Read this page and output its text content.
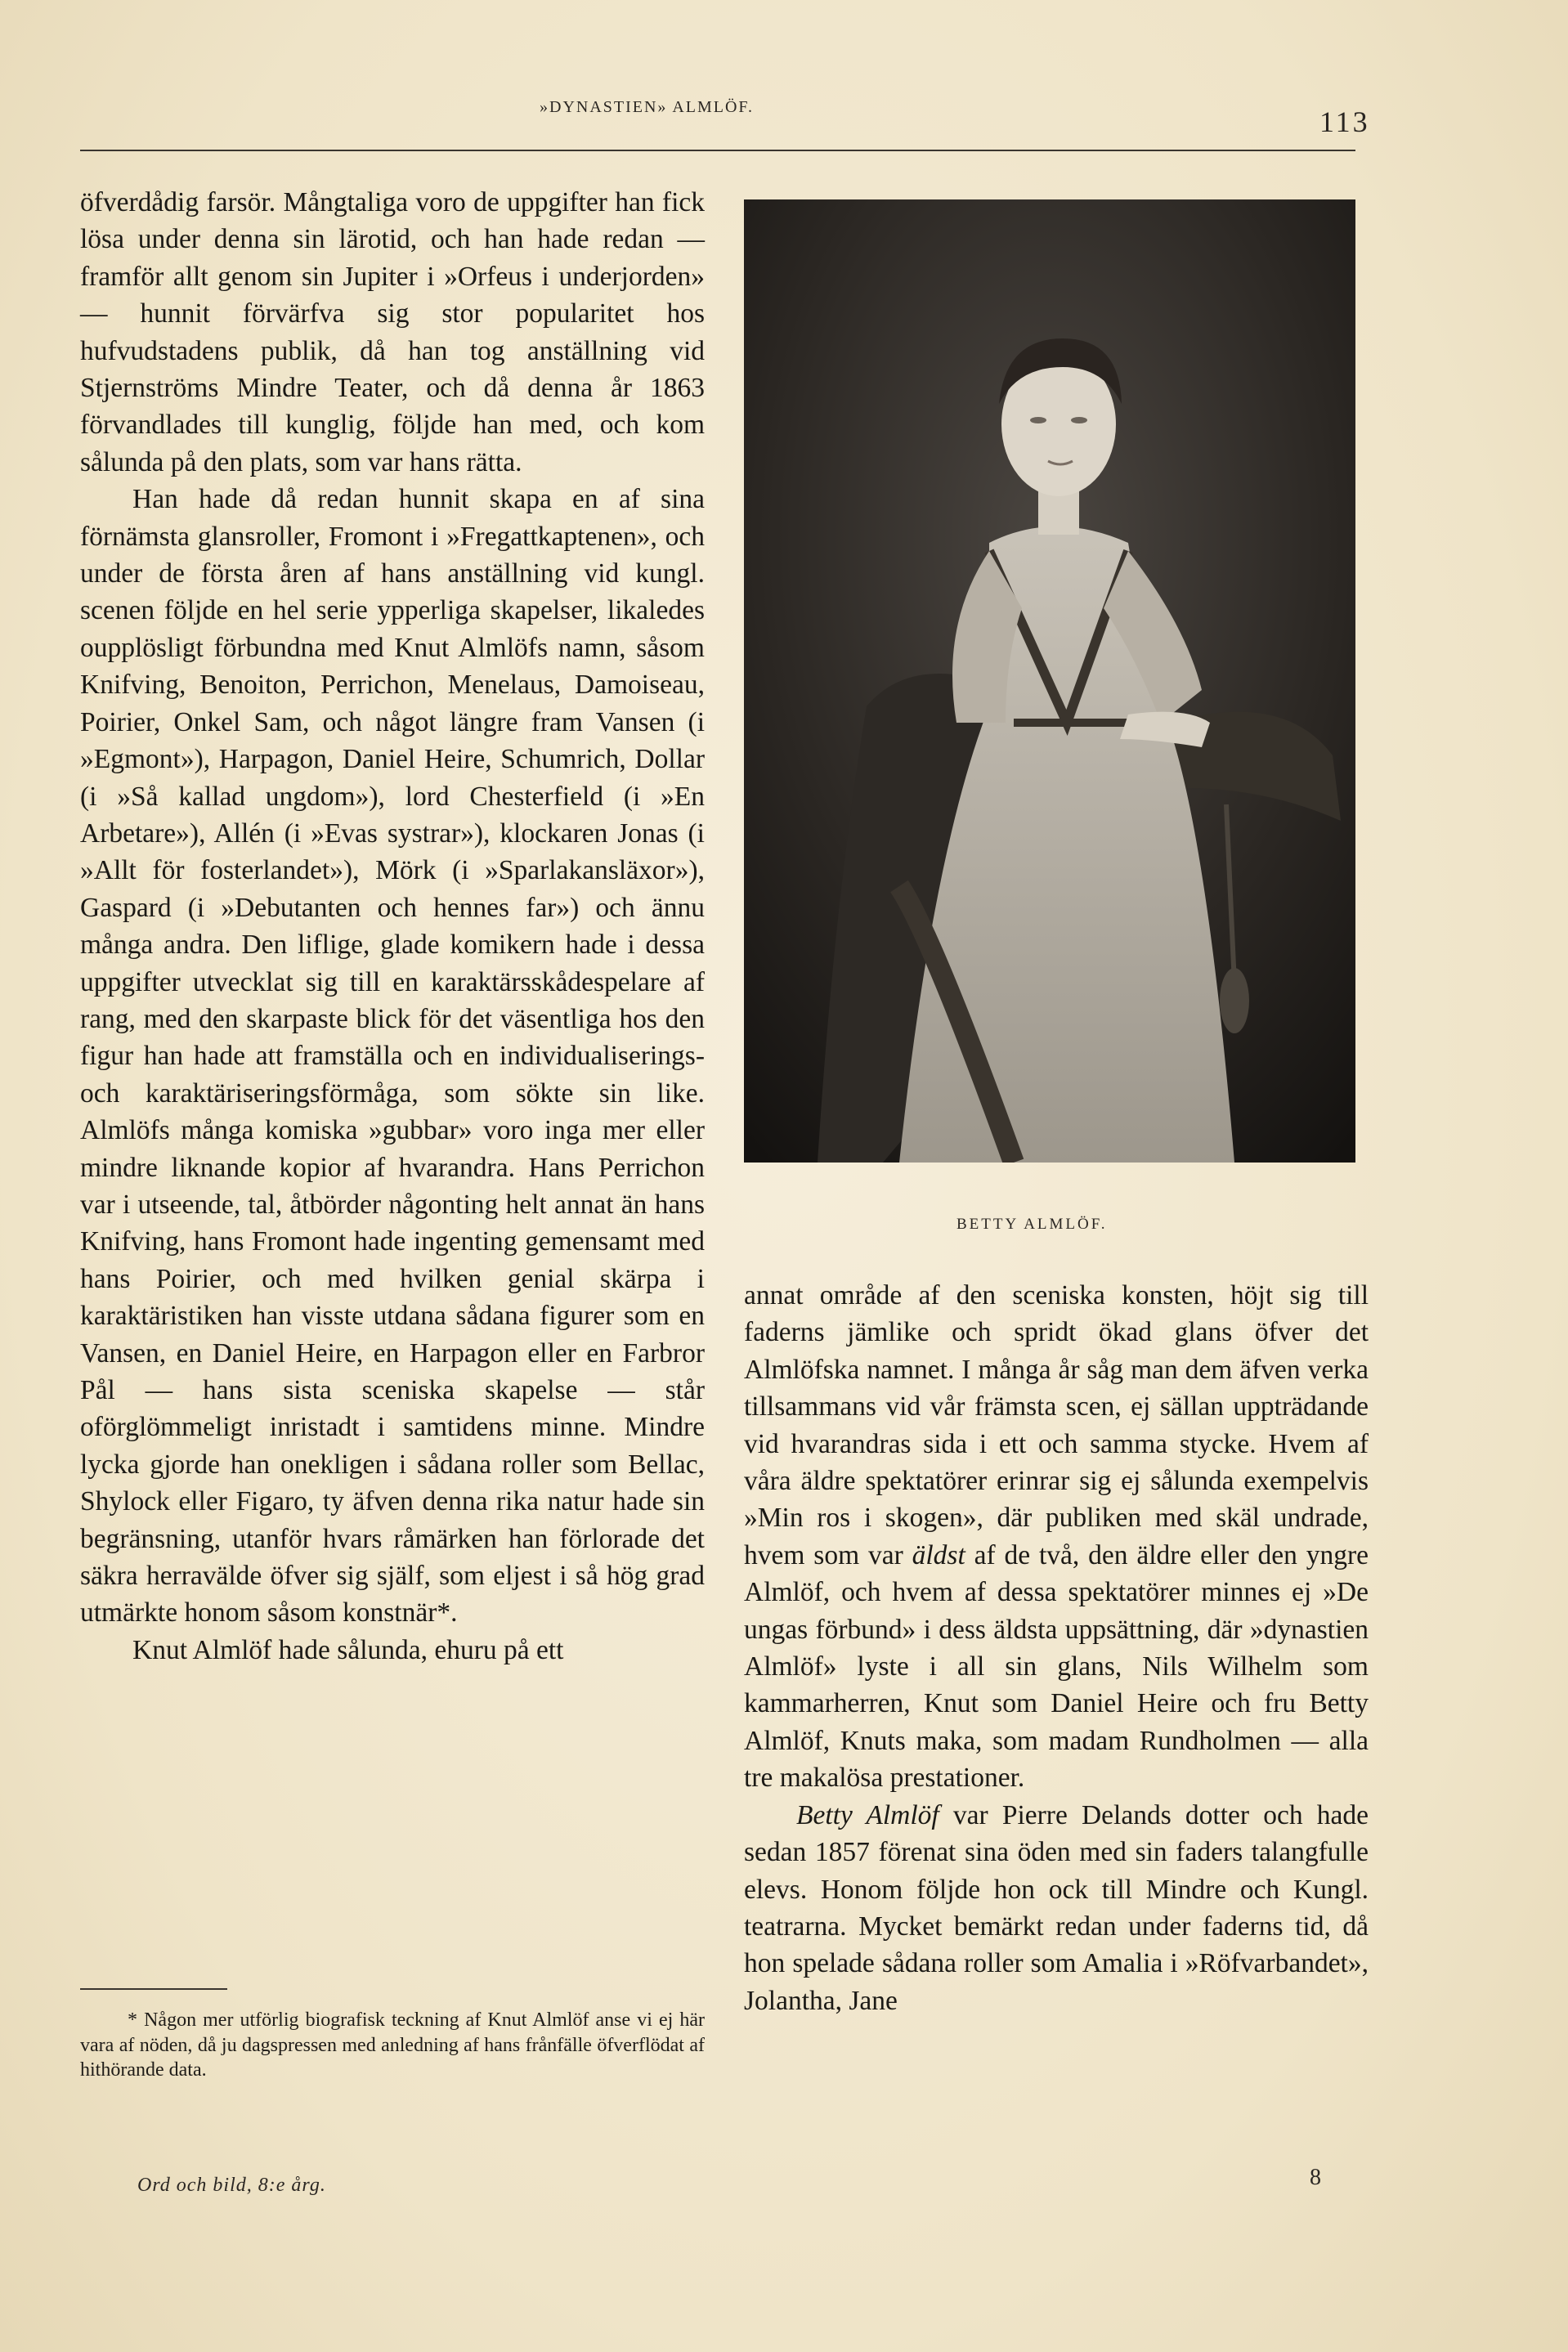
»DYNASTIEN» ALMLÖF.	113

öfverdådig farsör. Mångtaliga voro de uppgifter han fick lösa under denna sin lärotid, och han hade redan — framför allt genom sin Jupiter i »Orfeus i underjorden» — hunnit förvärfva sig stor popularitet hos hufvudstadens publik, då han tog anställning vid Stjernströms Mindre Teater, och då denna år 1863 förvandlades till kunglig, följde han med, och kom sålunda på den plats, som var hans rätta.

Han hade då redan hunnit skapa en af sina förnämsta glansroller, Fromont i »Fregattkaptenen», och under de första åren af hans anställning vid kungl. scenen följde en hel serie ypperliga skapelser, likaledes oupplösligt förbundna med Knut Almlöfs namn, såsom Knifving, Benoiton, Perrichon, Menelaus, Damoiseau, Poirier, Onkel Sam, och något längre fram Vansen (i »Egmont»), Harpagon, Daniel Heire, Schumrich, Dollar (i »Så kallad ungdom»), lord Chesterfield (i »En Arbetare»), Allén (i »Evas systrar»), klockaren Jonas (i »Allt för fosterlandet»), Mörk (i »Sparlakansläxor»), Gaspard (i »Debutanten och hennes far») och ännu många andra. Den liflige, glade komikern hade i dessa uppgifter utvecklat sig till en karaktärsskådespelare af rang, med den skarpaste blick för det väsentliga hos den figur han hade att framställa och en individualiserings- och karaktäriseringsförmåga, som sökte sin like. Almlöfs många komiska »gubbar» voro inga mer eller mindre liknande kopior af hvarandra. Hans Perrichon var i utseende, tal, åtbörder någonting helt annat än hans Knifving, hans Fromont hade ingenting gemensamt med hans Poirier, och med hvilken genial skärpa i karaktäristiken han visste utdana sådana figurer som en Vansen, en Daniel Heire, en Harpagon eller en Farbror Pål — hans sista sceniska skapelse — står oförglömmeligt inristadt i samtidens minne. Mindre lycka gjorde han onekligen i sådana roller som Bellac, Shylock eller Figaro, ty äfven denna rika natur hade sin begränsning, utanför hvars råmärken han förlorade det säkra herravälde öfver sig själf, som eljest i så hög grad utmärkte honom såsom konstnär*.

Knut Almlöf hade sålunda, ehuru på ett

BETTY ALMLÖF.

annat område af den sceniska konsten, höjt sig till faderns jämlike och spridt ökad glans öfver det Almlöfska namnet. I många år såg man dem äfven verka tillsammans vid vår främsta scen, ej sällan uppträdande vid hvarandras sida i ett och samma stycke. Hvem af våra äldre spektatörer erinrar sig ej sålunda exempelvis »Min ros i skogen», där publiken med skäl undrade, hvem som var äldst af de två, den äldre eller den yngre Almlöf, och hvem af dessa spektatörer minnes ej »De ungas förbund» i dess äldsta uppsättning, där »dynastien Almlöf» lyste i all sin glans, Nils Wilhelm som kammarherren, Knut som Daniel Heire och fru Betty Almlöf, Knuts maka, som madam Rundholmen — alla tre makalösa prestationer.

Betty Almlöf var Pierre Delands dotter och hade sedan 1857 förenat sina öden med sin faders talangfulle elevs. Honom följde hon ock till Mindre och Kungl. teatrarna. Mycket bemärkt redan under faderns tid, då hon spelade sådana roller som Amalia i »Röfvarbandet», Jolantha, Jane

* Någon mer utförlig biografisk teckning af Knut Almlöf anse vi ej här vara af nöden, då ju dagspressen med anledning af hans frånfälle öfverflödat af hithörande data.
Ord och bild, 8:e årg.	8
